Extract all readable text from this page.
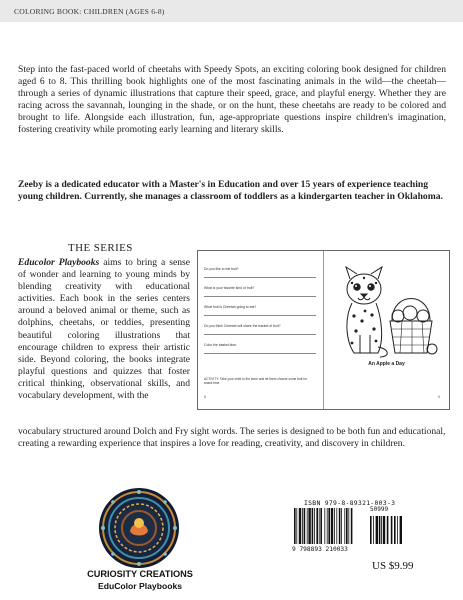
COLORING BOOK: CHILDREN (AGES 6-8)

Step into the fast-paced world of cheetahs with Speedy Spots, an exciting coloring book designed for children aged 6 to 8. This thrilling book highlights one of the most fascinating animals in the wild—the cheetah—through a series of dynamic illustrations that capture their speed, grace, and playful energy. Whether they are racing across the savannah, lounging in the shade, or on the hunt, these cheetahs are ready to be colored and brought to life. Alongside each illustration, fun, age-appropriate questions inspire children's imagination, fostering creativity while promoting early learning and literary skills.

Zeeby is a dedicated educator with a Master's in Education and over 15 years of experience teaching young children. Currently, she manages a classroom of toddlers as a kindergarten teacher in Oklahoma.

THE SERIES

Educolor Playbooks aims to bring a sense of wonder and learning to young minds by blending creativity with educational activities. Each book in the series centers around a beloved animal or theme, such as dolphins, cheetahs, or teddies, presenting beautiful coloring illustrations that encourage children to express their artistic side. Beyond coloring, the books integrate playful questions and quizzes that foster critical thinking, observational skills, and vocabulary development, with the

vocabulary structured around Dolch and Fry sight words. The series is designed to be both fun and educational, creating a rewarding experience that inspires a love for reading, creativity, and discovery in children.

Do you like to eat fruit?
What is your favorite kind of fruit?
What fruit is Cheetah going to eat?
Do you think Cheetah will share the basket of fruit?
Color the basket blue.
ACTIVITY: Take your child to the store and let them choose some fruit for snack time.
8
An Apple a Day
9
CURIOSITY CREATIONS
EduColor Playbooks
ISBN 979-8-89321-003-3
50999
9 798893 210033
US $9.99
